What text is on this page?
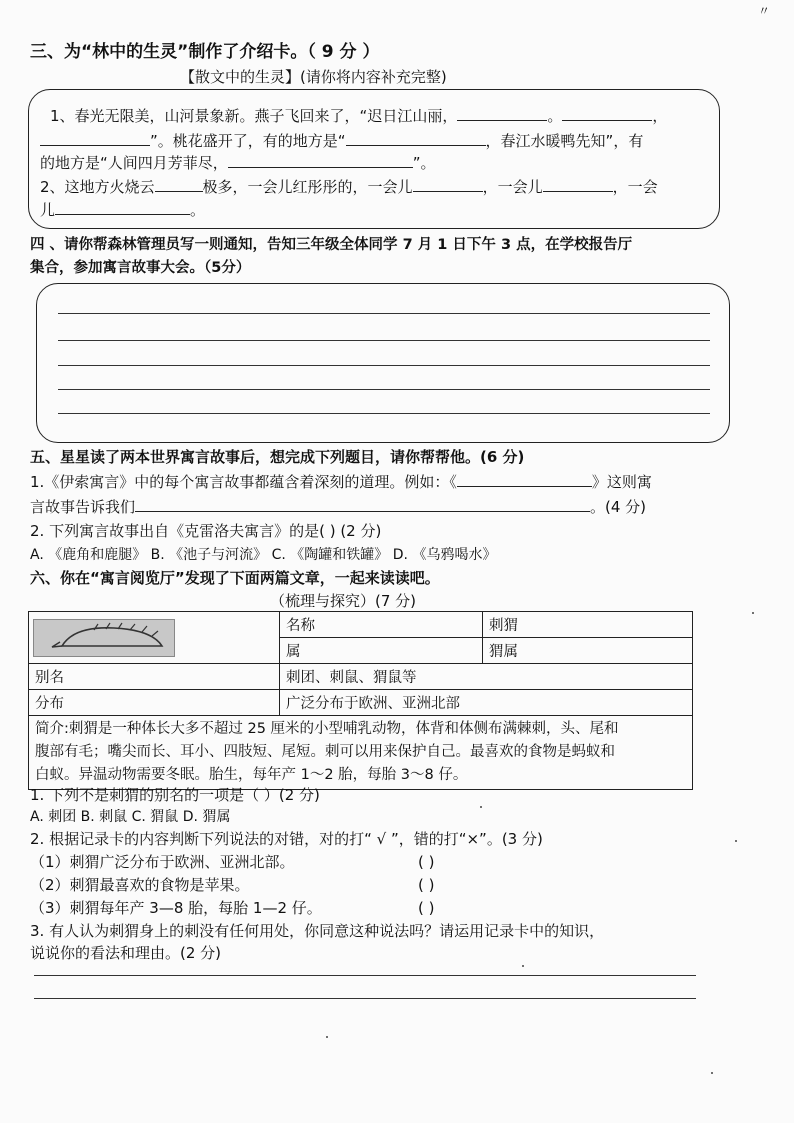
〃
三、为“林中的生灵”制作了介绍卡。（ 9 分 ）
【散文中的生灵】(请你将内容补充完整)
1、春光无限美，山河景象新。燕子飞回来了，“迟日江山丽，	。	，
”。桃花盛开了，有的地方是“	，春江水暖鸭先知”，有
的地方是“人间四月芳菲尽，	”。
2、这地方火烧云	极多，一会儿红彤彤的，一会儿	，一会儿	，一会
儿	。
四 、请你帮森林管理员写一则通知，告知三年级全体同学 7 月 1 日下午 3 点，在学校报告厅
集合，参加寓言故事大会。（5分）
五、星星读了两本世界寓言故事后，想完成下列题目，请你帮帮他。(6 分)
1.《伊索寓言》中的每个寓言故事都蕴含着深刻的道理。例如：《	》这则寓
言故事告诉我们	。(4 分)
2. 下列寓言故事出自《克雷洛夫寓言》的是( ) (2 分)
A. 《鹿角和鹿腿》 B. 《池子与河流》 C. 《陶罐和铁罐》 D. 《乌鸦喝水》
六、你在“寓言阅览厅”发现了下面两篇文章，一起来读读吧。
（梳理与探究）(7 分)
	名称	刺猬
	属	猬属
别名	刺团、刺鼠、猬鼠等	
分布	广泛分布于欧洲、亚洲北部	

简介:刺猬是一种体长大多不超过 25 厘米的小型哺乳动物，体背和体侧布满棘刺，头、尾和
腹部有毛；嘴尖而长、耳小、四肢短、尾短。刺可以用来保护自己。最喜欢的食物是蚂蚁和
白蚁。异温动物需要冬眠。胎生，每年产 1～2 胎，每胎 3～8 仔。		
1. 下列不是刺猬的别名的一项是（ ）(2 分)
A. 刺团 B. 刺鼠 C. 猬鼠 D. 猬属
2. 根据记录卡的内容判断下列说法的对错，对的打“ √ ”，错的打“×”。(3 分)
（1）刺猬广泛分布于欧洲、亚洲北部。	( )
（2）刺猬最喜欢的食物是苹果。	( )
（3）刺猬每年产 3—8 胎，每胎 1—2 仔。	( )
3. 有人认为刺猬身上的刺没有任何用处，你同意这种说法吗？请运用记录卡中的知识，
说说你的看法和理由。(2 分)
